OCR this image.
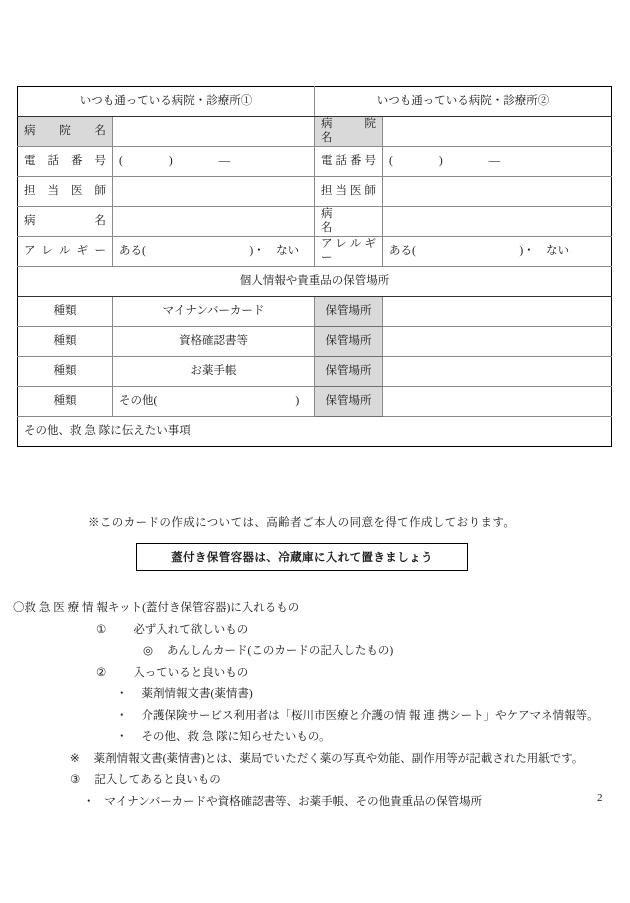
いつも通っている病院・診療所①		いつも通っている病院・診療所②	
病　院　名		病　院　名	
電話番号	(　　　　)　　　　―	電話番号	(　　　　)　　　　―
担当医師		担当医師	
病　　　名		病　　　名	
アレルギー	ある(　　　　　　　　　)・　ない	アレルギー	ある(　　　　　　　　　)・　ない
個人情報や貴重品の保管場所			
種類	マイナンバーカード	保管場所	
種類	資格確認書等	保管場所	
種類	お薬手帳	保管場所	
種類	その他(　　　　　　　　　　　　)	保管場所	
その他、救 急 隊に伝えたい事項			
※このカードの作成については、高齢者ご本人の同意を得て作成しております。
蓋付き保管容器は、冷蔵庫に入れて置きましょう
〇救 急 医 療 情 報キット(蓋付き保管容器)に入れるもの
① 必ず入れて欲しいもの
◎ あんしんカード(このカードの記入したもの)
② 入っていると良いもの
・ 薬剤情報文書(薬情書)
・ 介護保険サービス利用者は「桜川市医療と介護の情 報 連 携シート」やケアマネ情報等。
・ その他、救 急 隊に知らせたいもの。
※ 薬剤情報文書(薬情書)とは、薬局でいただく薬の写真や効能、副作用等が記載された用紙です。
③ 記入してあると良いもの
・ マイナンバーカードや資格確認書等、お薬手帳、その他貴重品の保管場所	2
